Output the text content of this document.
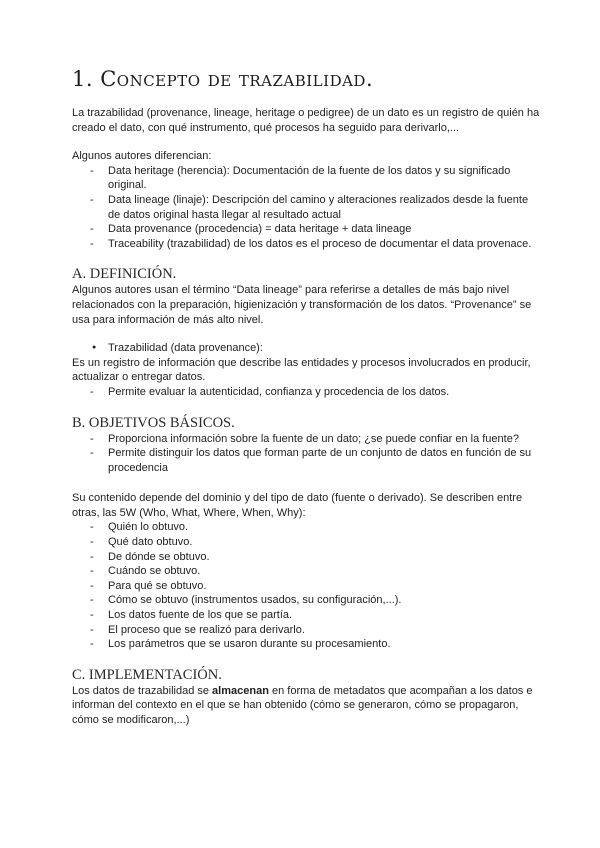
1. Concepto de trazabilidad.

La trazabilidad (provenance, lineage, heritage o pedigree) de un dato es un registro de quién ha creado el dato, con qué instrumento, qué procesos ha seguido para derivarlo,...

Algunos autores diferencian:

- Data heritage (herencia): Documentación de la fuente de los datos y su significado original.
- Data lineage (linaje): Descripción del camino y alteraciones realizados desde la fuente de datos original hasta llegar al resultado actual
- Data provenance (procedencia) = data heritage + data lineage
- Traceability (trazabilidad) de los datos es el proceso de documentar el data provenace.
A. DEFINICIÓN.

Algunos autores usan el término “Data lineage” para referirse a detalles de más bajo nivel relacionados con la preparación, higienización y transformación de los datos. “Provenance” se usa para información de más alto nivel.

● Trazabilidad (data provenance):

Es un registro de información que describe las entidades y procesos involucrados en producir, actualizar o entregar datos.

- Permite evaluar la autenticidad, confianza y procedencia de los datos.
B. OBJETIVOS BÁSICOS.
- Proporciona información sobre la fuente de un dato; ¿se puede confiar en la fuente?
- Permite distinguir los datos que forman parte de un conjunto de datos en función de su procedencia

Su contenido depende del dominio y del tipo de dato (fuente o derivado). Se describen entre otras, las 5W (Who, What, Where, When, Why):

- Quién lo obtuvo.
- Qué dato obtuvo.
- De dónde se obtuvo.
- Cuándo se obtuvo.
- Para qué se obtuvo.
- Cómo se obtuvo (instrumentos usados, su configuración,...).
- Los datos fuente de los que se partía.
- El proceso que se realizó para derivarlo.
- Los parámetros que se usaron durante su procesamiento.
C. IMPLEMENTACIÓN.

Los datos de trazabilidad se almacenan en forma de metadatos que acompañan a los datos e informan del contexto en el que se han obtenido (cómo se generaron, cómo se propagaron, cómo se modificaron,...)
